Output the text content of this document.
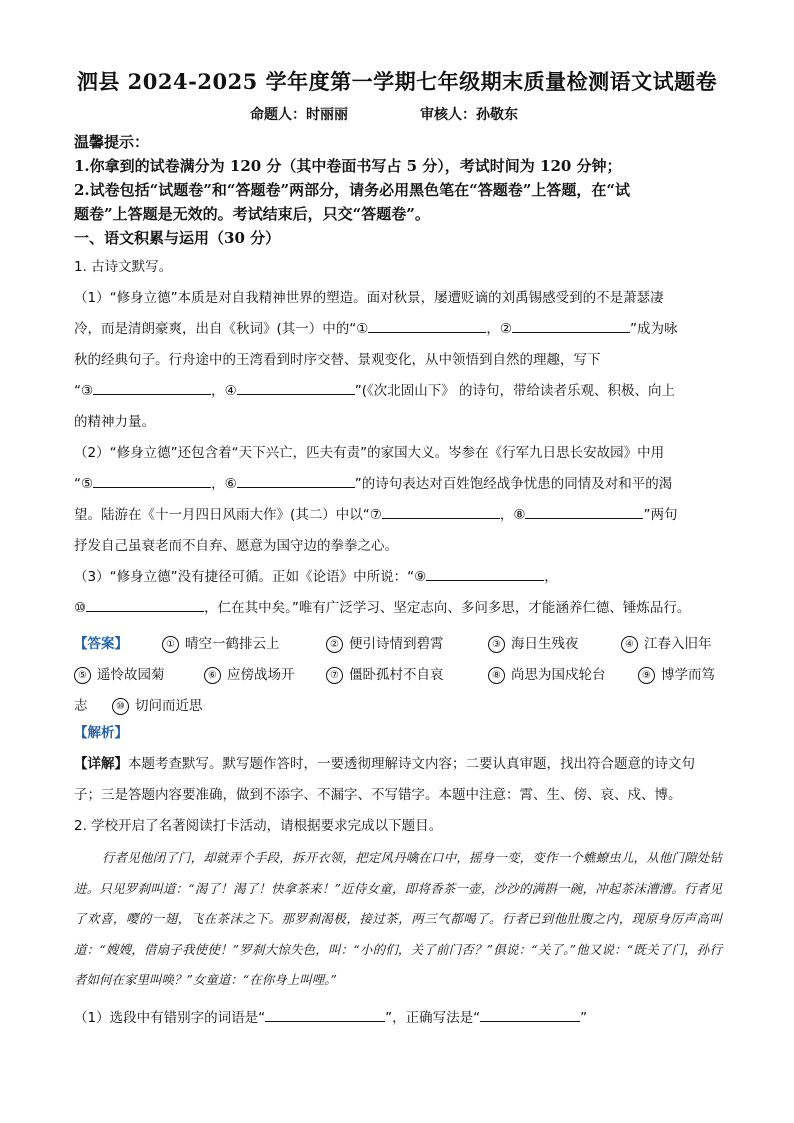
泗县 2024-2025 学年度第一学期七年级期末质量检测语文试题卷
命题人：时丽丽	审核人：孙敬东
温馨提示：
1.你拿到的试卷满分为 120 分（其中卷面书写占 5 分），考试时间为 120 分钟；
2.试卷包括“试题卷”和“答题卷”两部分，请务必用黑色笔在“答题卷”上答题，在“试
题卷”上答题是无效的。考试结束后，只交“答题卷”。
一、语文积累与运用（30 分）
1. 古诗文默写。
（1）“修身立德”本质是对自我精神世界的塑造。面对秋景，屡遭贬谪的刘禹锡感受到的不是萧瑟凄
冷，而是清朗豪爽，出自《秋词》(其一）中的“①	，②	”成为咏
秋的经典句子。行舟途中的王湾看到时序交替、景观变化，从中领悟到自然的理趣，写下
“③	，④	”(《次北固山下》 的诗句，带给读者乐观、积极、向上
的精神力量。
（2）“修身立德”还包含着“天下兴亡，匹夫有责”的家国大义。岑参在《行军九日思长安故园》中用
“⑤	，⑥	”的诗句表达对百姓饱经战争忧患的同情及对和平的渴
望。陆游在《十一月四日风雨大作》(其二）中以“⑦	，⑧	”两句
抒发自己虽衰老而不自弃、愿意为国守边的拳拳之心。
（3）“修身立德”没有捷径可循。正如《论语》中所说：“⑨	，
⑩	，仁在其中矣。”唯有广泛学习、坚定志向、多问多思，才能涵养仁德、锤炼品行。
【答案】	① 晴空一鹤排云上	② 便引诗情到碧霄	③ 海日生残夜	④ 江春入旧年
⑤ 遥怜故园菊	⑥ 应傍战场开	⑦ 僵卧孤村不自哀	⑧ 尚思为国戍轮台	⑨ 博学而笃
志	⑩ 切问而近思
【解析】
【详解】本题考查默写。默写题作答时，一要透彻理解诗文内容；二要认真审题，找出符合题意的诗文句
子；三是答题内容要准确，做到不添字、不漏字、不写错字。本题中注意：霄、生、傍、哀、戍、博。
2. 学校开启了名著阅读打卡活动，请根据要求完成以下题目。
行者见他闭了门，却就弄个手段，拆开衣领，把定风丹噙在口中，摇身一变，变作一个蟭蟟虫儿，从他门隙处钻进。只见罗刹叫道：“渴了！渴了！快拿茶来！”近侍女童，即将香茶一壶，沙沙的满斟一碗，冲起茶沫漕漕。行者见了欢喜，嘤的一翅，飞在茶沫之下。那罗刹渴极，接过茶，两三气都喝了。行者已到他肚腹之内，现原身厉声高叫道：“嫂嫂，借扇子我使使！”罗刹大惊失色，叫：“小的们，关了前门否？”俱说：“关了。”他又说：“既关了门，孙行者如何在家里叫唤？”女童道：“在你身上叫哩。”
（1）选段中有错别字的词语是“	”，正确写法是“	”
